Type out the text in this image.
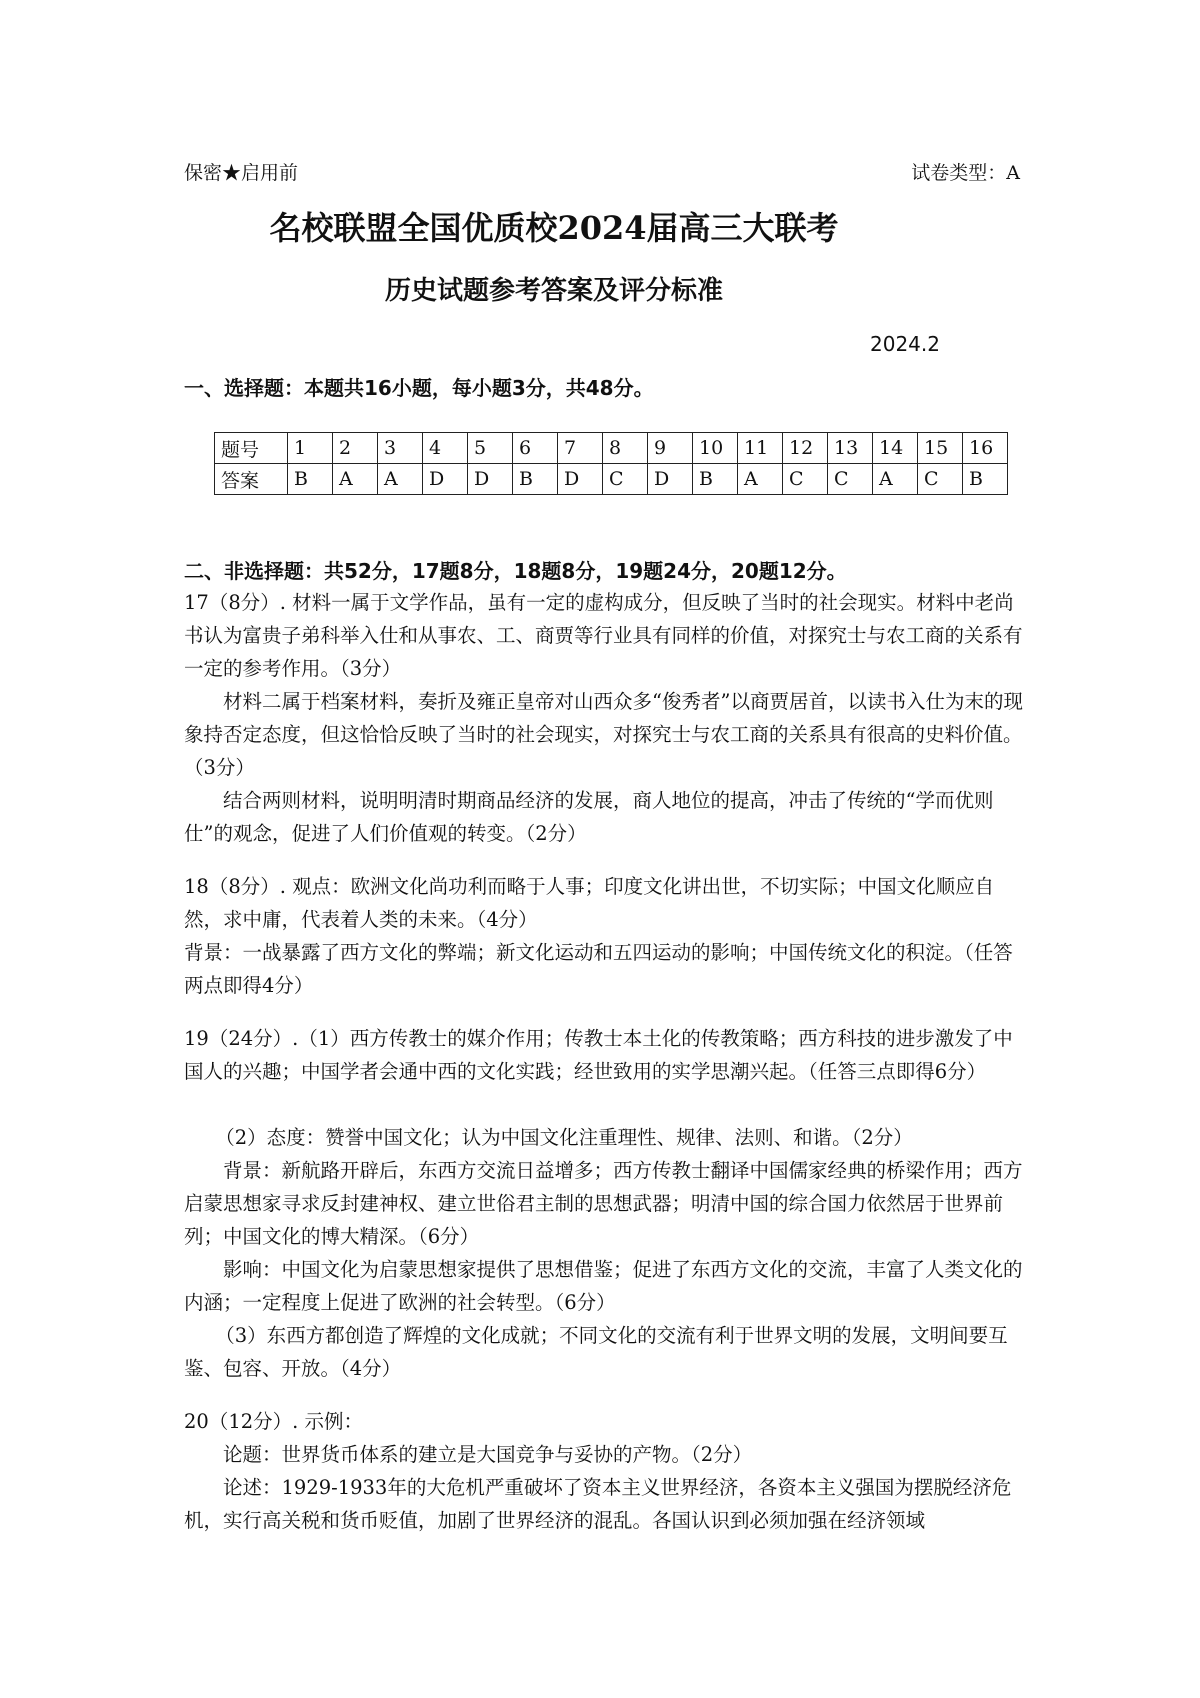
保密★启用前	试卷类型：A
名校联盟全国优质校2024届高三大联考
历史试题参考答案及评分标准
2024.2
一、选择题：本题共16小题，每小题3分，共48分。
题号	1	2	3	4	5	6	7	8	9	10	11	12	13	14	15	16
答案	B	A	A	D	D	B	D	C	D	B	A	C	C	A	C	B
二、非选择题：共52分，17题8分，18题8分，19题24分，20题12分。

17（8分）. 材料一属于文学作品，虽有一定的虚构成分，但反映了当时的社会现实。材料中老尚书认为富贵子弟科举入仕和从事农、工、商贾等行业具有同样的价值，对探究士与农工商的关系有一定的参考作用。（3分）

材料二属于档案材料，奏折及雍正皇帝对山西众多“俊秀者”以商贾居首，以读书入仕为末的现象持否定态度，但这恰恰反映了当时的社会现实，对探究士与农工商的关系具有很高的史料价值。（3分）

结合两则材料，说明明清时期商品经济的发展，商人地位的提高，冲击了传统的“学而优则仕”的观念，促进了人们价值观的转变。（2分）

18（8分）. 观点：欧洲文化尚功利而略于人事；印度文化讲出世，不切实际；中国文化顺应自然，求中庸，代表着人类的未来。（4分）

背景：一战暴露了西方文化的弊端；新文化运动和五四运动的影响；中国传统文化的积淀。（任答两点即得4分）

19（24分）.（1）西方传教士的媒介作用；传教士本土化的传教策略；西方科技的进步激发了中国人的兴趣；中国学者会通中西的文化实践；经世致用的实学思潮兴起。（任答三点即得6分）

（2）态度：赞誉中国文化；认为中国文化注重理性、规律、法则、和谐。（2分）

背景：新航路开辟后，东西方交流日益增多；西方传教士翻译中国儒家经典的桥梁作用；西方启蒙思想家寻求反封建神权、建立世俗君主制的思想武器；明清中国的综合国力依然居于世界前列；中国文化的博大精深。（6分）

影响：中国文化为启蒙思想家提供了思想借鉴；促进了东西方文化的交流，丰富了人类文化的内涵；一定程度上促进了欧洲的社会转型。（6分）

（3）东西方都创造了辉煌的文化成就；不同文化的交流有利于世界文明的发展，文明间要互鉴、包容、开放。（4分）

20（12分）. 示例：

论题：世界货币体系的建立是大国竞争与妥协的产物。（2分）

论述：1929-1933年的大危机严重破坏了资本主义世界经济，各资本主义强国为摆脱经济危机，实行高关税和货币贬值，加剧了世界经济的混乱。各国认识到必须加强在经济领域
